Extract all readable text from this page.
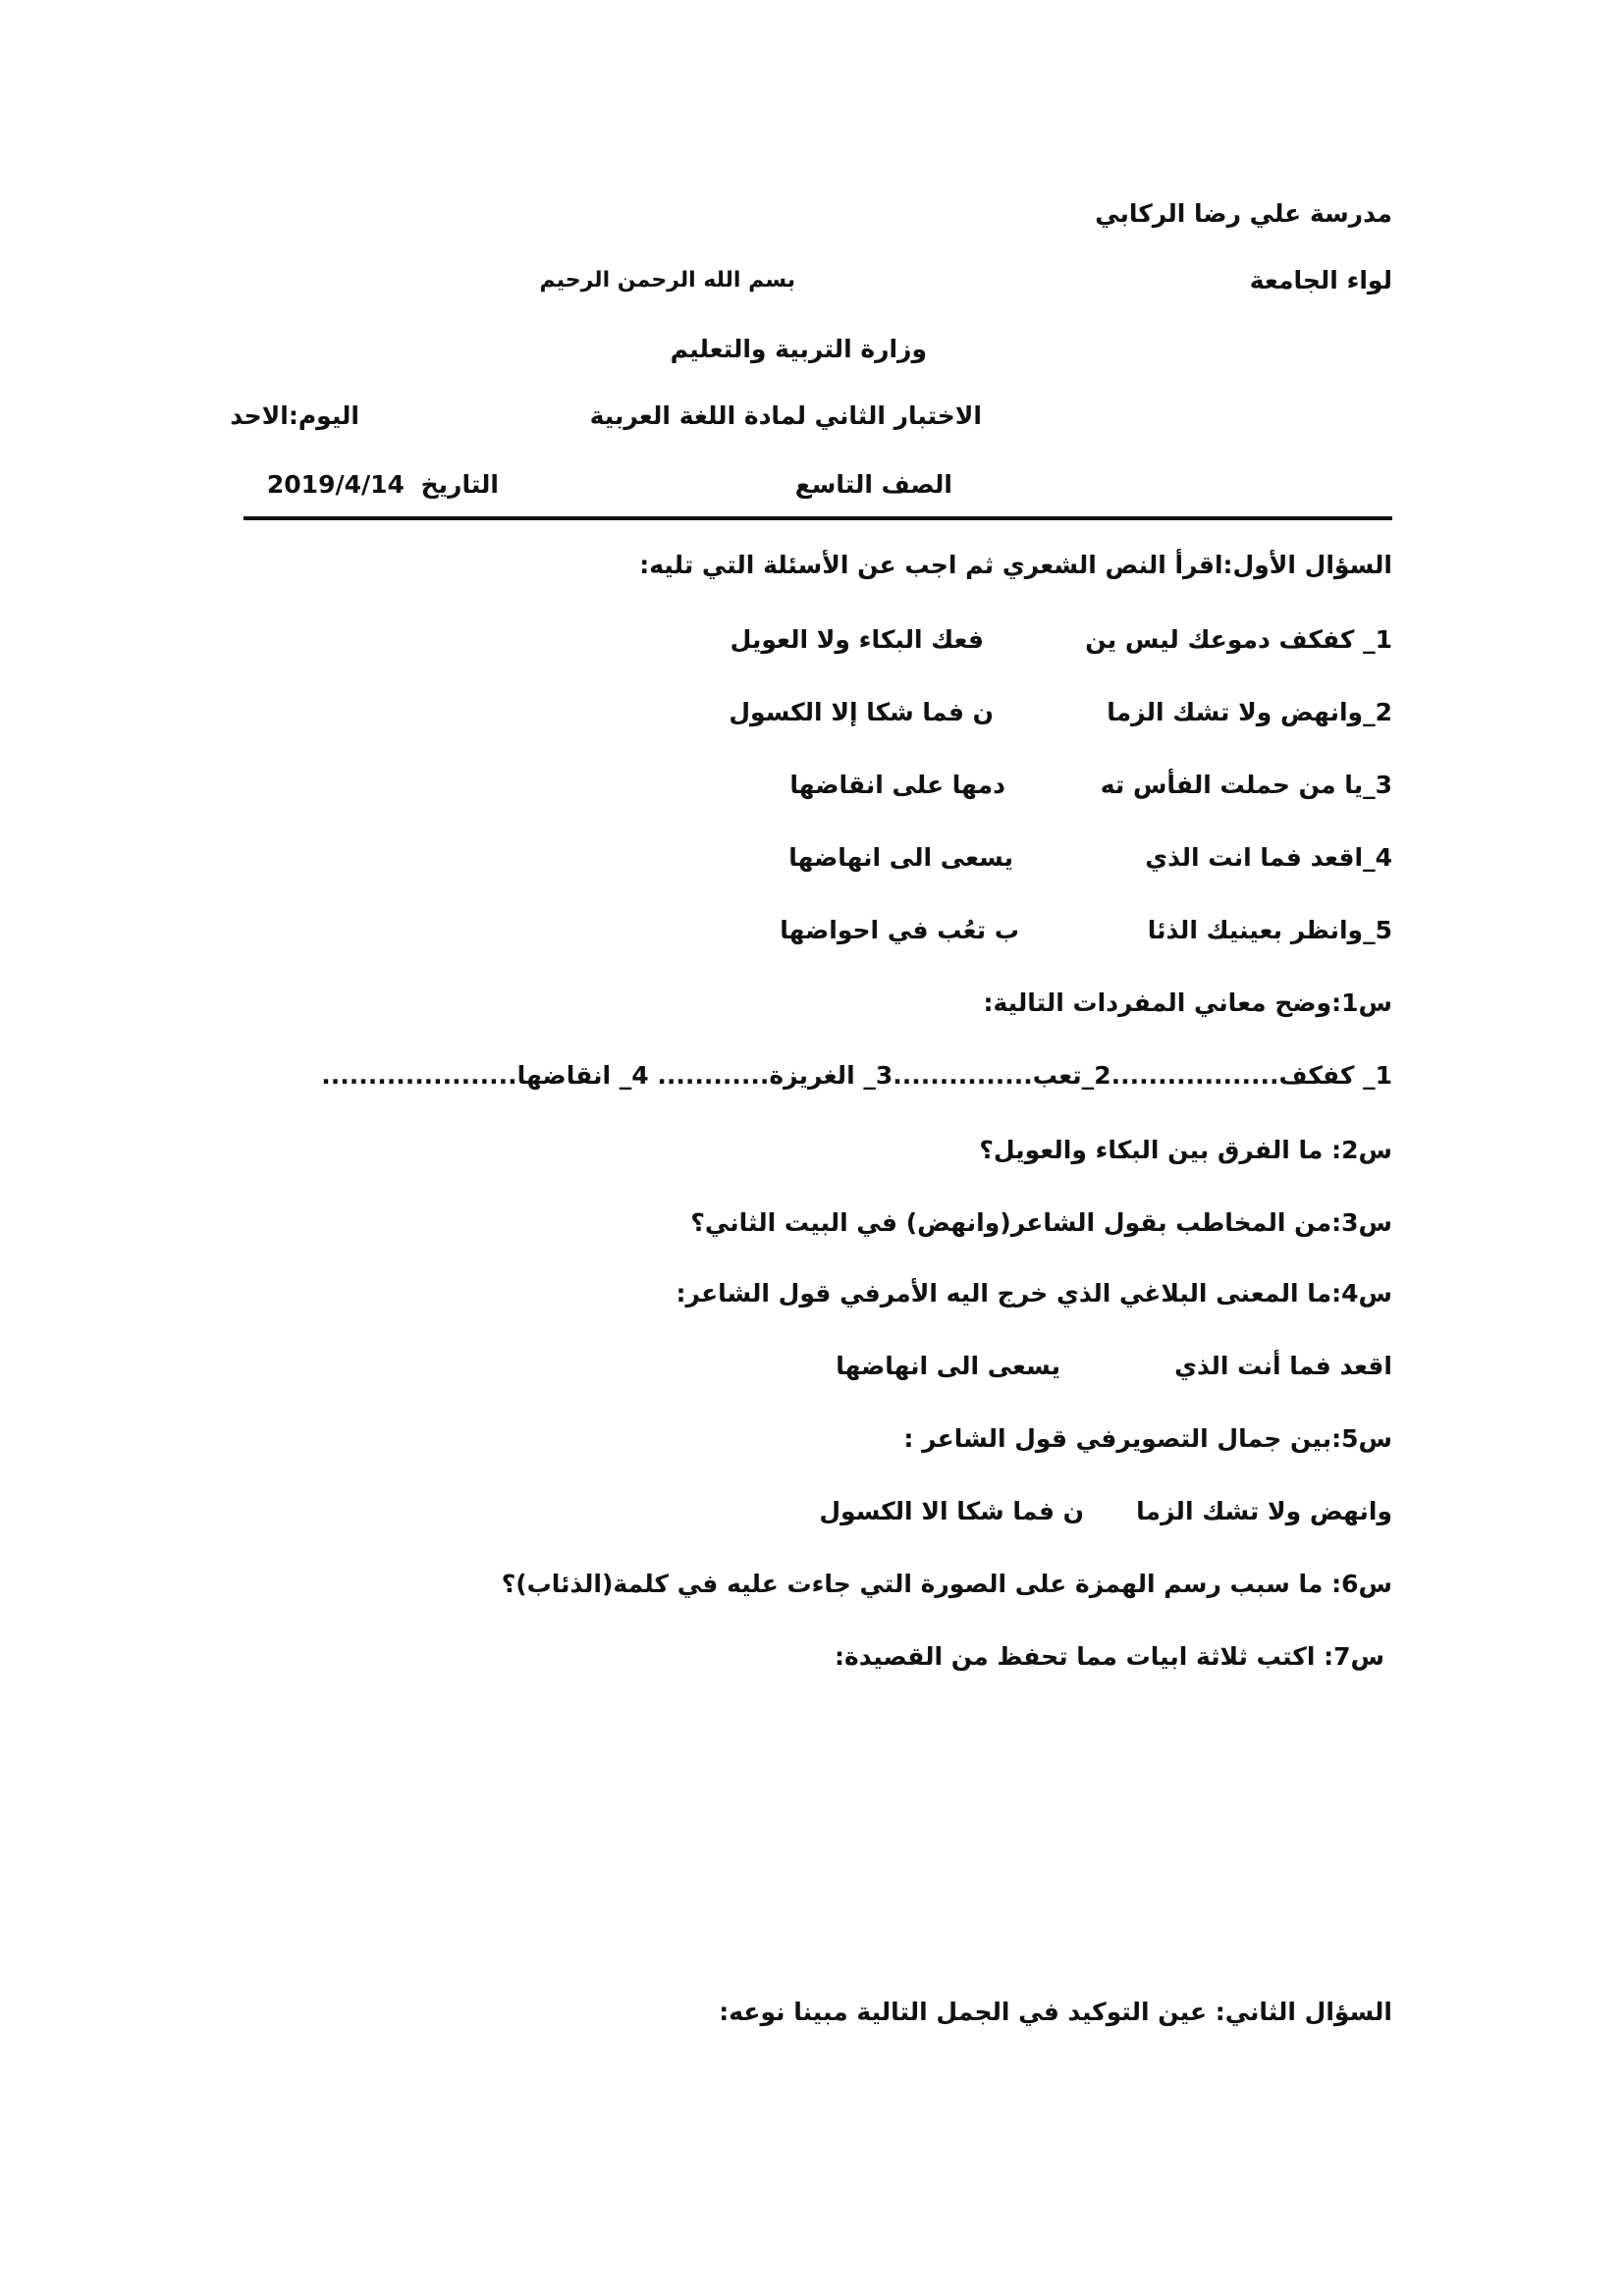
مدرسة علي رضا الركابي
لواء الجامعة
بسم الله الرحمن الرحيم
وزارة التربية والتعليم
الاختبار الثاني لمادة اللغة العربية
اليوم:الاحد
الصف التاسع
التاريخ 2019/4/14
السؤال الأول:اقرأ النص الشعري ثم اجب عن الأسئلة التي تليه:
1_ كفكف دموعك ليس ين
فعك البكاء ولا العويل
2_وانهض ولا تشك الزما
ن فما شكا إلا الكسول
3_يا من حملت الفأس ته
دمها على انقاضها
4_اقعد فما انت الذي
يسعى الى انهاضها
5_وانظر بعينيك الذئا
ب تعُب في احواضها
س1:وضح معاني المفردات التالية:
1_ كفكف..................2_تعب...............3_ الغريزة............ 4_ انقاضها.....................
س2: ما الفرق بين البكاء والعويل؟
س3:من المخاطب بقول الشاعر(وانهض) في البيت الثاني؟
س4:ما المعنى البلاغي الذي خرج اليه الأمرفي قول الشاعر:
اقعد فما أنت الذي
يسعى الى انهاضها
س5:بين جمال التصويرفي قول الشاعر :
وانهض ولا تشك الزما
ن فما شكا الا الكسول
س6: ما سبب رسم الهمزة على الصورة التي جاءت عليه في كلمة(الذئاب)؟
س7: اكتب ثلاثة ابيات مما تحفظ من القصيدة:
السؤال الثاني: عين التوكيد في الجمل التالية مبينا نوعه:
